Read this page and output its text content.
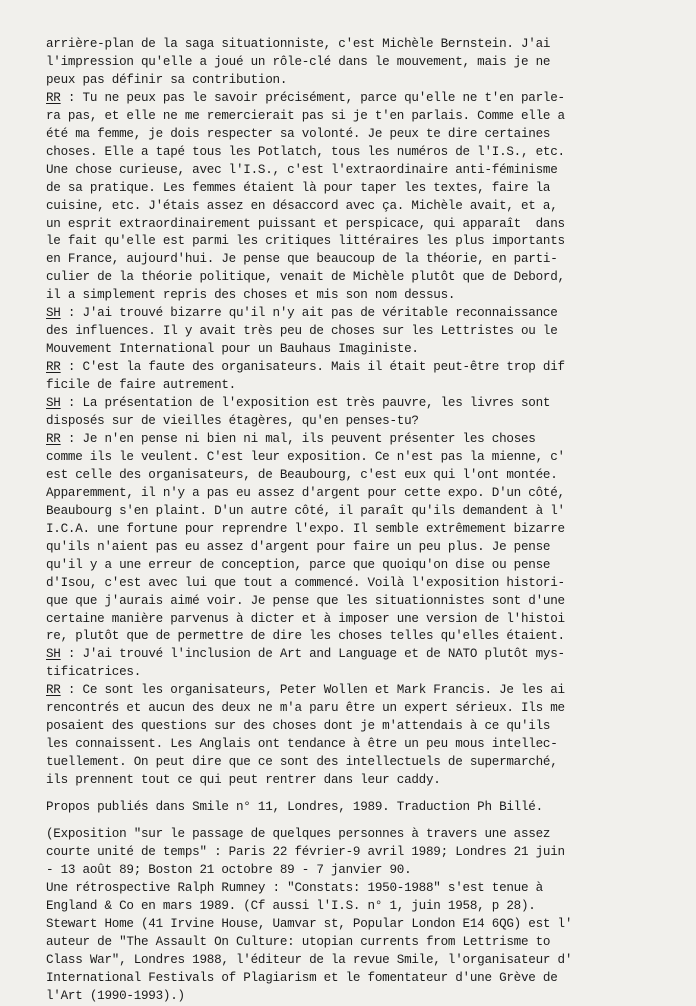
arrière-plan de la saga situationniste, c'est Michèle Bernstein. J'ai
l'impression qu'elle a joué un rôle-clé dans le mouvement, mais je ne
peux pas définir sa contribution.
RR : Tu ne peux pas le savoir précisément, parce qu'elle ne t'en parle-
ra pas, et elle ne me remercierait pas si je t'en parlais. Comme elle a
été ma femme, je dois respecter sa volonté. Je peux te dire certaines
choses. Elle a tapé tous les Potlatch, tous les numéros de l'I.S., etc.
Une chose curieuse, avec l'I.S., c'est l'extraordinaire anti-féminisme
de sa pratique. Les femmes étaient là pour taper les textes, faire la
cuisine, etc. J'étais assez en désaccord avec ça. Michèle avait, et a,
un esprit extraordinairement puissant et perspicace, qui apparaît  dans
le fait qu'elle est parmi les critiques littéraires les plus importants
en France, aujourd'hui. Je pense que beaucoup de la théorie, en parti-
culier de la théorie politique, venait de Michèle plutôt que de Debord,
il a simplement repris des choses et mis son nom dessus.
SH : J'ai trouvé bizarre qu'il n'y ait pas de véritable reconnaissance
des influences. Il y avait très peu de choses sur les Lettristes ou le
Mouvement International pour un Bauhaus Imaginiste.
RR : C'est la faute des organisateurs. Mais il était peut-être trop dif
ficile de faire autrement.
SH : La présentation de l'exposition est très pauvre, les livres sont
disposés sur de vieilles étagères, qu'en penses-tu?
RR : Je n'en pense ni bien ni mal, ils peuvent présenter les choses
comme ils le veulent. C'est leur exposition. Ce n'est pas la mienne, c'
est celle des organisateurs, de Beaubourg, c'est eux qui l'ont montée.
Apparemment, il n'y a pas eu assez d'argent pour cette expo. D'un côté,
Beaubourg s'en plaint. D'un autre côté, il paraît qu'ils demandent à l'
I.C.A. une fortune pour reprendre l'expo. Il semble extrêmement bizarre
qu'ils n'aient pas eu assez d'argent pour faire un peu plus. Je pense
qu'il y a une erreur de conception, parce que quoiqu'on dise ou pense
d'Isou, c'est avec lui que tout a commencé. Voilà l'exposition histori-
que que j'aurais aimé voir. Je pense que les situationnistes sont d'une
certaine manière parvenus à dicter et à imposer une version de l'histoi
re, plutôt que de permettre de dire les choses telles qu'elles étaient.
SH : J'ai trouvé l'inclusion de Art and Language et de NATO plutôt mys-
tificatrices.
RR : Ce sont les organisateurs, Peter Wollen et Mark Francis. Je les ai
rencontrés et aucun des deux ne m'a paru être un expert sérieux. Ils me
posaient des questions sur des choses dont je m'attendais à ce qu'ils
les connaissent. Les Anglais ont tendance à être un peu mous intellec-
tuellement. On peut dire que ce sont des intellectuels de supermarché,
ils prennent tout ce qui peut rentrer dans leur caddy.
Propos publiés dans Smile n° 11, Londres, 1989. Traduction Ph Billé.
(Exposition "sur le passage de quelques personnes à travers une assez
courte unité de temps" : Paris 22 février-9 avril 1989; Londres 21 juin
- 13 août 89; Boston 21 octobre 89 - 7 janvier 90.
Une rétrospective Ralph Rumney : "Constats: 1950-1988" s'est tenue à
England & Co en mars 1989. (Cf aussi l'I.S. n° 1, juin 1958, p 28).
Stewart Home (41 Irvine House, Uamvar st, Popular London E14 6QG) est l'
auteur de "The Assault On Culture: utopian currents from Lettrisme to
Class War", Londres 1988, l'éditeur de la revue Smile, l'organisateur d'
International Festivals of Plagiarism et le fomentateur d'une Grève de
l'Art (1990-1993).)
